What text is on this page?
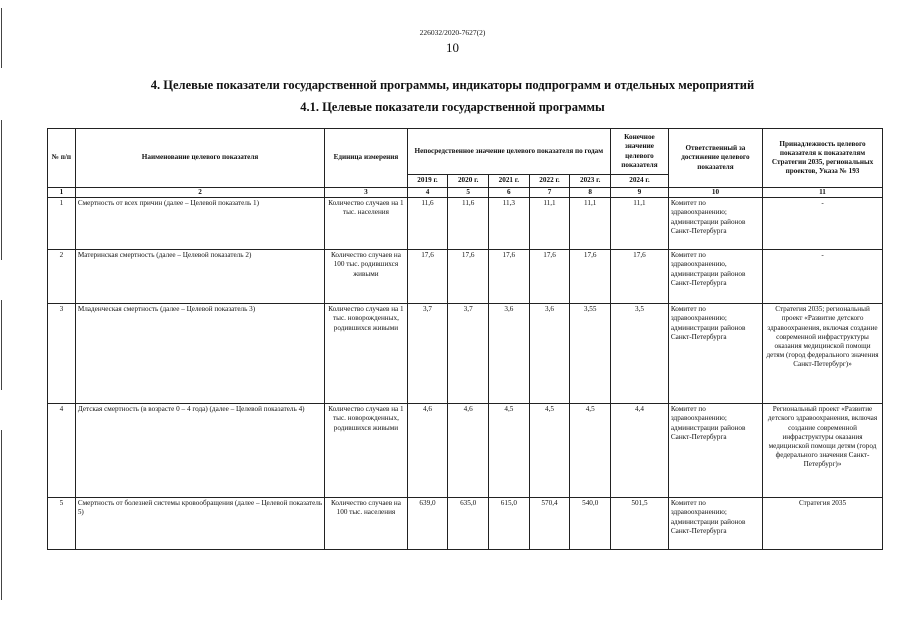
226032/2020-7627(2)
10
4. Целевые показатели государственной программы, индикаторы подпрограмм и отдельных мероприятий
4.1. Целевые показатели государственной программы
№ п/п	Наименование целевого показателя	Единица измерения	Непосредственное значение целевого показателя по годам					Конечное значение целевого показателя	Ответственный за достижение целевого показателя	Принадлежность целевого показателя к показателям Стратегии 2035, региональных проектов, Указа № 193
			2019 г.	2020 г.	2021 г.	2022 г.	2023 г.	2024 г.		
1	2	3	4	5	6	7	8	9	10	11
1	Смертность от всех причин (далее – Целевой показатель 1)	Количество случаев на 1 тыс. населения	11,6	11,6	11,3	11,1	11,1	11,1	Комитет по здравоохранению; администрации районов Санкт-Петербурга	-
2	Материнская смертность (далее – Целевой показатель 2)	Количество случаев на 100 тыс. родившихся живыми	17,6	17,6	17,6	17,6	17,6	17,6	Комитет по здравоохранению, администрации районов Санкт-Петербурга	-
3	Младенческая смертность (далее – Целевой показатель 3)	Количество случаев на 1 тыс. новорожденных, родившихся живыми	3,7	3,7	3,6	3,6	3,55	3,5	Комитет по здравоохранению; администрации районов Санкт-Петербурга	Стратегия 2035; региональный проект «Развитие детского здравоохранения, включая создание современной инфраструктуры оказания медицинской помощи детям (город федерального значения Санкт-Петербург)»
4	Детская смертность (в возрасте 0 – 4 года) (далее – Целевой показатель 4)	Количество случаев на 1 тыс. новорожденных, родившихся живыми	4,6	4,6	4,5	4,5	4,5	4,4	Комитет по здравоохранению; администрации районов Санкт-Петербурга	Региональный проект «Развитие детского здравоохранения, включая создание современной инфраструктуры оказания медицинской помощи детям (город федерального значения Санкт-Петербург)»
5	Смертность от болезней системы кровообращения (далее – Целевой показатель 5)	Количество случаев на 100 тыс. населения	639,0	635,0	615,0	570,4	540,0	501,5	Комитет по здравоохранению; администрации районов Санкт-Петербурга	Стратегия 2035
